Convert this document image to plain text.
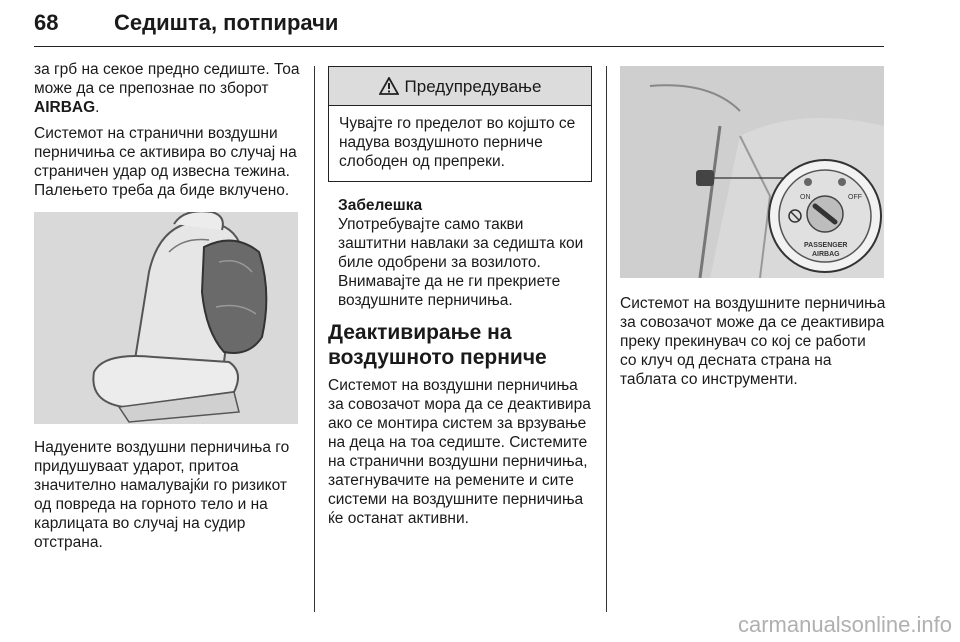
68	Седишта, потпирачи

за грб на секое предно седиште. Тоа може да се препознае по зборот AIRBAG.

Системот на странични воздушни перничиња се активира во случај на страничен удар од извесна тежина. Палењето треба да биде вклучено.

Надуените воздушни перничиња го придушуваат ударот, притоа значително намалувајќи го ризикот од повреда на горното тело и на карлицата во случај на судир отстрана.

Предупредување
Чувајте го пределот во којшто се надува воздушното перниче слободен од препреки.
Забелешка

Употребувајте само такви заштитни навлаки за седишта кои биле одобрени за возилото. Внимавајте да не ги прекриете воздушните перничиња.

Деактивирање на воздушното перниче

Системот на воздушни перничиња за совозачот мора да се деактивира ако се монтира систем за врзување на деца на тоа седиште. Системите на странични воздушни перничиња, затегнувачите на ремените и сите системи на воздушните перничиња ќе останат активни.

ON	OFF
PASSENGER
AIRBAG

Системот на воздушните перничиња за совозачот може да се деактивира преку прекинувач со кој се работи со клуч од десната страна на таблата со инструменти.

carmanualsonline.info
